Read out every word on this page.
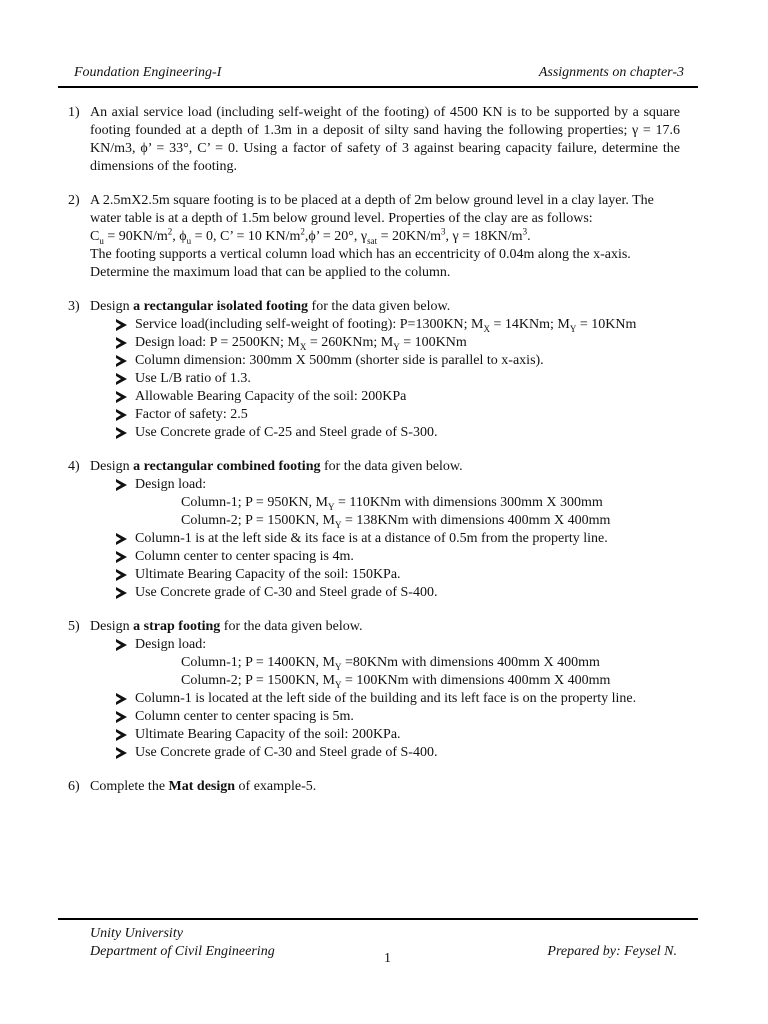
Foundation Engineering-I	Assignments on chapter-3
1) An axial service load (including self-weight of the footing) of 4500 KN is to be supported by a square footing founded at a depth of 1.3m in a deposit of silty sand having the following properties; γ = 17.6 KN/m3, ϕ’ = 33°, C’ = 0. Using a factor of safety of 3 against bearing capacity failure, determine the dimensions of the footing.
2) A 2.5mX2.5m square footing is to be placed at a depth of 2m below ground level in a clay layer. The water table is at a depth of 1.5m below ground level. Properties of the clay are as follows:
$C_u = 90KN/m^2$, $\phi_u = 0$, C’ = 10 $KN/m^2,\phi$’ = 20°, $\gamma_{sat} = 20KN/m^3$, $\gamma = 18KN/m^3$.
The footing supports a vertical column load which has an eccentricity of 0.04m along the x-axis. Determine the maximum load that can be applied to the column.
3) Design a rectangular isolated footing for the data given below.
Service load(including self-weight of footing): P=1300KN; $M_X = 14KNm$; $M_Y = 10KNm$
Design load: P = 2500KN; $M_X = 260KNm$; $M_Y = 100KNm$
Column dimension: 300mm X 500mm (shorter side is parallel to x-axis).
Use L/B ratio of 1.3.
Allowable Bearing Capacity of the soil: 200KPa
Factor of safety: 2.5
Use Concrete grade of C-25 and Steel grade of S-300.
4) Design a rectangular combined footing for the data given below.
Design load:
Column-1; P = 950KN, $M_Y = 110KNm$ with dimensions 300mm X 300mm
Column-2; P = 1500KN, $M_Y = 138KNm$ with dimensions 400mm X 400mm
Column-1 is at the left side & its face is at a distance of 0.5m from the property line.
Column center to center spacing is 4m.
Ultimate Bearing Capacity of the soil: 150KPa.
Use Concrete grade of C-30 and Steel grade of S-400.
5) Design a strap footing for the data given below.
Design load:
Column-1; P = 1400KN, $M_Y =80KNm$ with dimensions 400mm X 400mm
Column-2; P = 1500KN, $M_Y = 100KNm$ with dimensions 400mm X 400mm
Column-1 is located at the left side of the building and its left face is on the property line.
Column center to center spacing is 5m.
Ultimate Bearing Capacity of the soil: 200KPa.
Use Concrete grade of C-30 and Steel grade of S-400.
6) Complete the Mat design of example-5.
Unity University
Department of Civil Engineering	1	Prepared by: Feysel N.
